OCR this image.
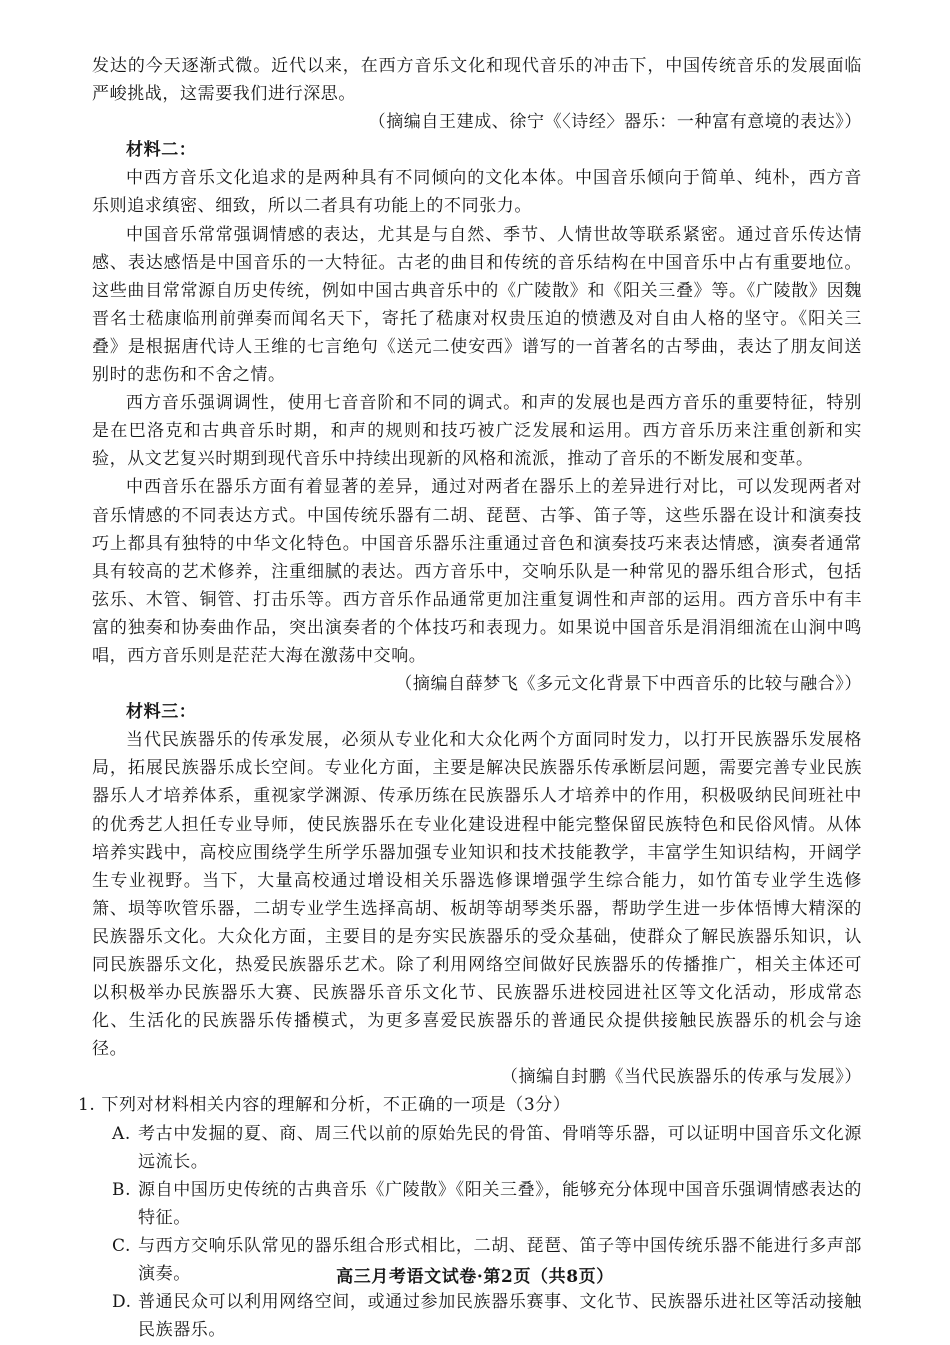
发达的今天逐渐式微。近代以来，在西方音乐文化和现代音乐的冲击下，中国传统音乐的发展面临严峻挑战，这需要我们进行深思。

（摘编自王建成、徐宁《〈诗经〉器乐：一种富有意境的表达》）

材料二：

中西方音乐文化追求的是两种具有不同倾向的文化本体。中国音乐倾向于简单、纯朴，西方音乐则追求缜密、细致，所以二者具有功能上的不同张力。

中国音乐常常强调情感的表达，尤其是与自然、季节、人情世故等联系紧密。通过音乐传达情感、表达感悟是中国音乐的一大特征。古老的曲目和传统的音乐结构在中国音乐中占有重要地位。这些曲目常常源自历史传统，例如中国古典音乐中的《广陵散》和《阳关三叠》等。《广陵散》因魏晋名士嵇康临刑前弹奏而闻名天下，寄托了嵇康对权贵压迫的愤懑及对自由人格的坚守。《阳关三叠》是根据唐代诗人王维的七言绝句《送元二使安西》谱写的一首著名的古琴曲，表达了朋友间送别时的悲伤和不舍之情。

西方音乐强调调性，使用七音音阶和不同的调式。和声的发展也是西方音乐的重要特征，特别是在巴洛克和古典音乐时期，和声的规则和技巧被广泛发展和运用。西方音乐历来注重创新和实验，从文艺复兴时期到现代音乐中持续出现新的风格和流派，推动了音乐的不断发展和变革。

中西音乐在器乐方面有着显著的差异，通过对两者在器乐上的差异进行对比，可以发现两者对音乐情感的不同表达方式。中国传统乐器有二胡、琵琶、古筝、笛子等，这些乐器在设计和演奏技巧上都具有独特的中华文化特色。中国音乐器乐注重通过音色和演奏技巧来表达情感，演奏者通常具有较高的艺术修养，注重细腻的表达。西方音乐中，交响乐队是一种常见的器乐组合形式，包括弦乐、木管、铜管、打击乐等。西方音乐作品通常更加注重复调性和声部的运用。西方音乐中有丰富的独奏和协奏曲作品，突出演奏者的个体技巧和表现力。如果说中国音乐是涓涓细流在山涧中鸣唱，西方音乐则是茫茫大海在激荡中交响。

（摘编自薛梦飞《多元文化背景下中西音乐的比较与融合》）

材料三：

当代民族器乐的传承发展，必须从专业化和大众化两个方面同时发力，以打开民族器乐发展格局，拓展民族器乐成长空间。专业化方面，主要是解决民族器乐传承断层问题，需要完善专业民族器乐人才培养体系，重视家学渊源、传承历练在民族器乐人才培养中的作用，积极吸纳民间班社中的优秀艺人担任专业导师，使民族器乐在专业化建设进程中能完整保留民族特色和民俗风情。从体培养实践中，高校应围绕学生所学乐器加强专业知识和技术技能教学，丰富学生知识结构，开阔学生专业视野。当下，大量高校通过增设相关乐器选修课增强学生综合能力，如竹笛专业学生选修箫、埙等吹管乐器，二胡专业学生选择高胡、板胡等胡琴类乐器，帮助学生进一步体悟博大精深的民族器乐文化。大众化方面，主要目的是夯实民族器乐的受众基础，使群众了解民族器乐知识，认同民族器乐文化，热爱民族器乐艺术。除了利用网络空间做好民族器乐的传播推广，相关主体还可以积极举办民族器乐大赛、民族器乐音乐文化节、民族器乐进校园进社区等文化活动，形成常态化、生活化的民族器乐传播模式，为更多喜爱民族器乐的普通民众提供接触民族器乐的机会与途径。

（摘编自封鹏《当代民族器乐的传承与发展》）

1. 下列对材料相关内容的理解和分析，不正确的一项是（3分）

A. 考古中发掘的夏、商、周三代以前的原始先民的骨笛、骨哨等乐器，可以证明中国音乐文化源远流长。
B. 源自中国历史传统的古典音乐《广陵散》《阳关三叠》，能够充分体现中国音乐强调情感表达的特征。
C. 与西方交响乐队常见的器乐组合形式相比，二胡、琵琶、笛子等中国传统乐器不能进行多声部演奏。
D. 普通民众可以利用网络空间，或通过参加民族器乐赛事、文化节、民族器乐进社区等活动接触民族器乐。
高三月考语文试卷·第2页（共8页）
